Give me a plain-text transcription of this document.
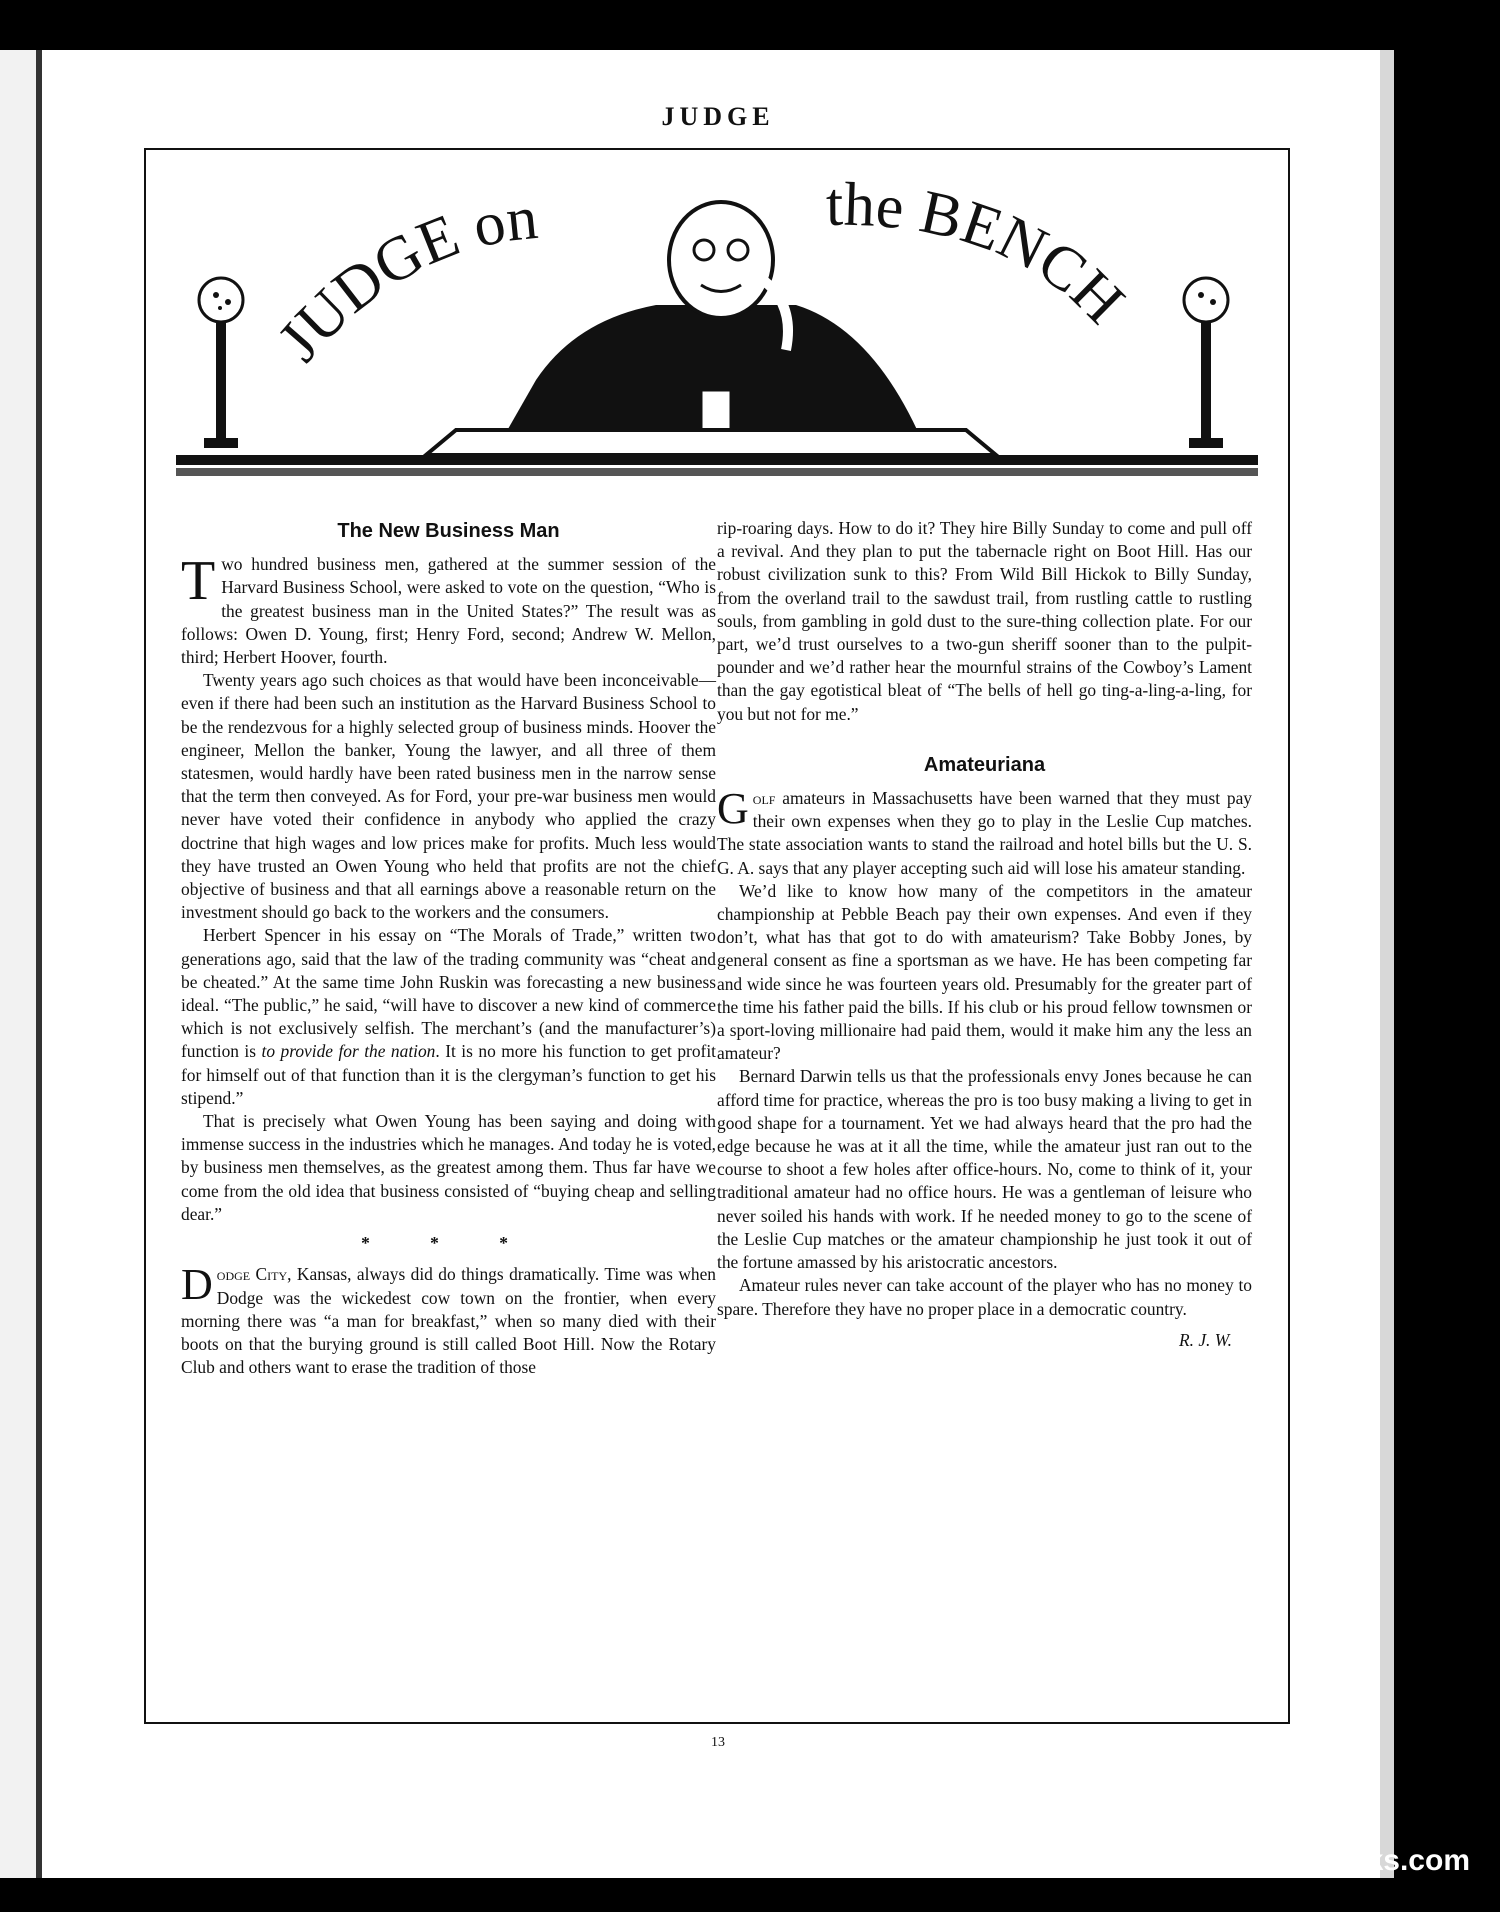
JUDGE
JUDGE on	the BENCH
The New Business Man

Two hundred business men, gathered at the summer session of the Harvard Business School, were asked to vote on the question, “Who is the greatest business man in the United States?” The result was as follows: Owen D. Young, first; Henry Ford, second; Andrew W. Mellon, third; Herbert Hoover, fourth.

Twenty years ago such choices as that would have been inconceivable—even if there had been such an institution as the Harvard Business School to be the rendezvous for a highly selected group of business minds. Hoover the engineer, Mellon the banker, Young the lawyer, and all three of them statesmen, would hardly have been rated business men in the narrow sense that the term then conveyed. As for Ford, your pre-war business men would never have voted their confidence in anybody who applied the crazy doctrine that high wages and low prices make for profits. Much less would they have trusted an Owen Young who held that profits are not the chief objective of business and that all earnings above a reasonable return on the investment should go back to the workers and the consumers.

Herbert Spencer in his essay on “The Morals of Trade,” written two generations ago, said that the law of the trading community was “cheat and be cheated.” At the same time John Ruskin was forecasting a new business ideal. “The public,” he said, “will have to discover a new kind of commerce which is not exclusively selfish. The merchant’s (and the manufacturer’s) function is to provide for the nation. It is no more his function to get profit for himself out of that function than it is the clergyman’s function to get his stipend.”

That is precisely what Owen Young has been saying and doing with immense success in the industries which he manages. And today he is voted, by business men themselves, as the greatest among them. Thus far have we come from the old idea that business consisted of “buying cheap and selling dear.”

* * *

Dodge City, Kansas, always did do things dramatically. Time was when Dodge was the wickedest cow town on the frontier, when every morning there was “a man for breakfast,” when so many died with their boots on that the burying ground is still called Boot Hill. Now the Rotary Club and others want to erase the tradition of those

rip-roaring days. How to do it? They hire Billy Sunday to come and pull off a revival. And they plan to put the tabernacle right on Boot Hill. Has our robust civilization sunk to this? From Wild Bill Hickok to Billy Sunday, from the overland trail to the sawdust trail, from rustling cattle to rustling souls, from gambling in gold dust to the sure-thing collection plate. For our part, we’d trust ourselves to a two-gun sheriff sooner than to the pulpit-pounder and we’d rather hear the mournful strains of the Cowboy’s Lament than the gay egotistical bleat of “The bells of hell go ting-a-ling-a-ling, for you but not for me.”

Amateuriana

Golf amateurs in Massachusetts have been warned that they must pay their own expenses when they go to play in the Leslie Cup matches. The state association wants to stand the railroad and hotel bills but the U. S. G. A. says that any player accepting such aid will lose his amateur standing.

We’d like to know how many of the competitors in the amateur championship at Pebble Beach pay their own expenses. And even if they don’t, what has that got to do with amateurism? Take Bobby Jones, by general consent as fine a sportsman as we have. He has been competing far and wide since he was fourteen years old. Presumably for the greater part of the time his father paid the bills. If his club or his proud fellow townsmen or a sport-loving millionaire had paid them, would it make him any the less an amateur?

Bernard Darwin tells us that the professionals envy Jones because he can afford time for practice, whereas the pro is too busy making a living to get in good shape for a tournament. Yet we had always heard that the pro had the edge because he was at it all the time, while the amateur just ran out to the course to shoot a few holes after office-hours. No, come to think of it, your traditional amateur had no office hours. He was a gentleman of leisure who never soiled his hands with work. If he needed money to go to the scene of the Leslie Cup matches or the amateur championship he just took it out of the fortune amassed by his aristocratic ancestors.

Amateur rules never can take account of the player who has no money to spare. Therefore they have no proper place in a democratic country.

R. J. W.
13
comicbooks.com
